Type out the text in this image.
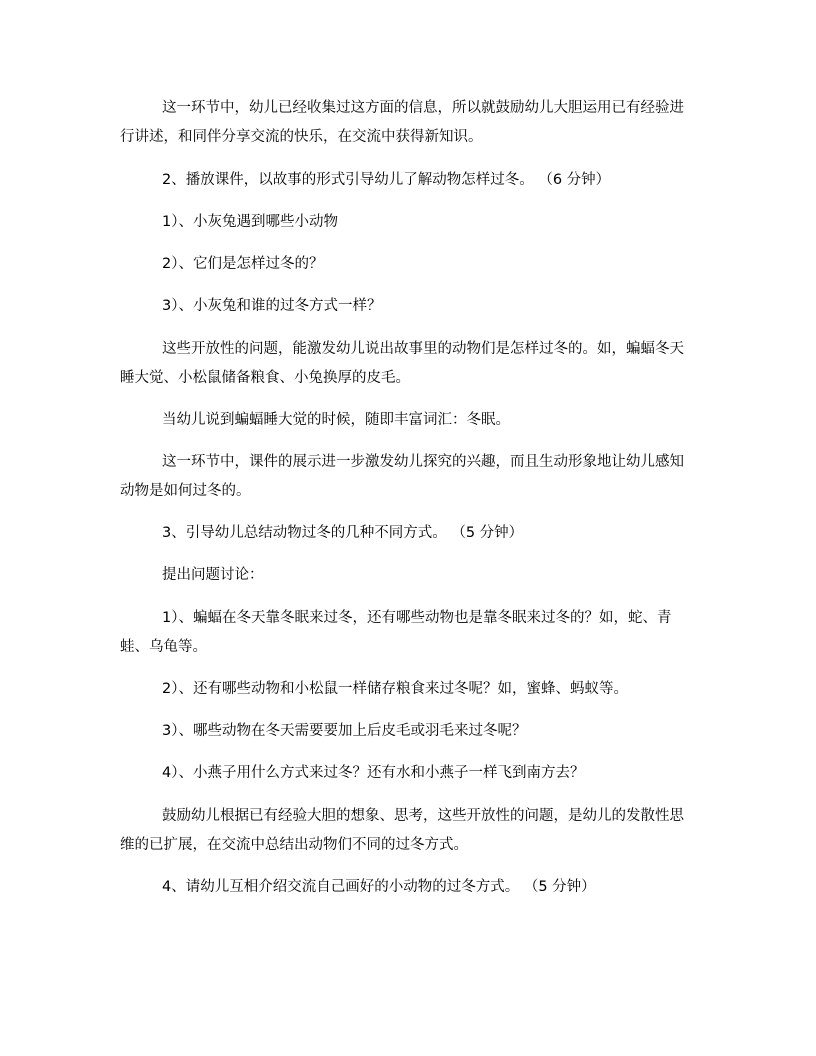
这一环节中，幼儿已经收集过这方面的信息，所以就鼓励幼儿大胆运用已有经验进
行讲述，和同伴分享交流的快乐，在交流中获得新知识。

2、播放课件，以故事的形式引导幼儿了解动物怎样过冬。 （6 分钟）

1）、小灰兔遇到哪些小动物

2）、它们是怎样过冬的？

3）、小灰兔和谁的过冬方式一样？

这些开放性的问题，能激发幼儿说出故事里的动物们是怎样过冬的。如，蝙蝠冬天
睡大觉、小松鼠储备粮食、小兔换厚的皮毛。

当幼儿说到蝙蝠睡大觉的时候，随即丰富词汇：冬眠。

这一环节中，课件的展示进一步激发幼儿探究的兴趣，而且生动形象地让幼儿感知
动物是如何过冬的。

3、引导幼儿总结动物过冬的几种不同方式。 （5 分钟）

提出问题讨论：

1）、蝙蝠在冬天靠冬眠来过冬，还有哪些动物也是靠冬眠来过冬的？如，蛇、青
蛙、乌龟等。

2）、还有哪些动物和小松鼠一样储存粮食来过冬呢？如，蜜蜂、蚂蚁等。

3）、哪些动物在冬天需要要加上后皮毛或羽毛来过冬呢？

4）、小燕子用什么方式来过冬？还有水和小燕子一样飞到南方去？

鼓励幼儿根据已有经验大胆的想象、思考，这些开放性的问题，是幼儿的发散性思
维的已扩展，在交流中总结出动物们不同的过冬方式。

4、请幼儿互相介绍交流自己画好的小动物的过冬方式。 （5 分钟）
